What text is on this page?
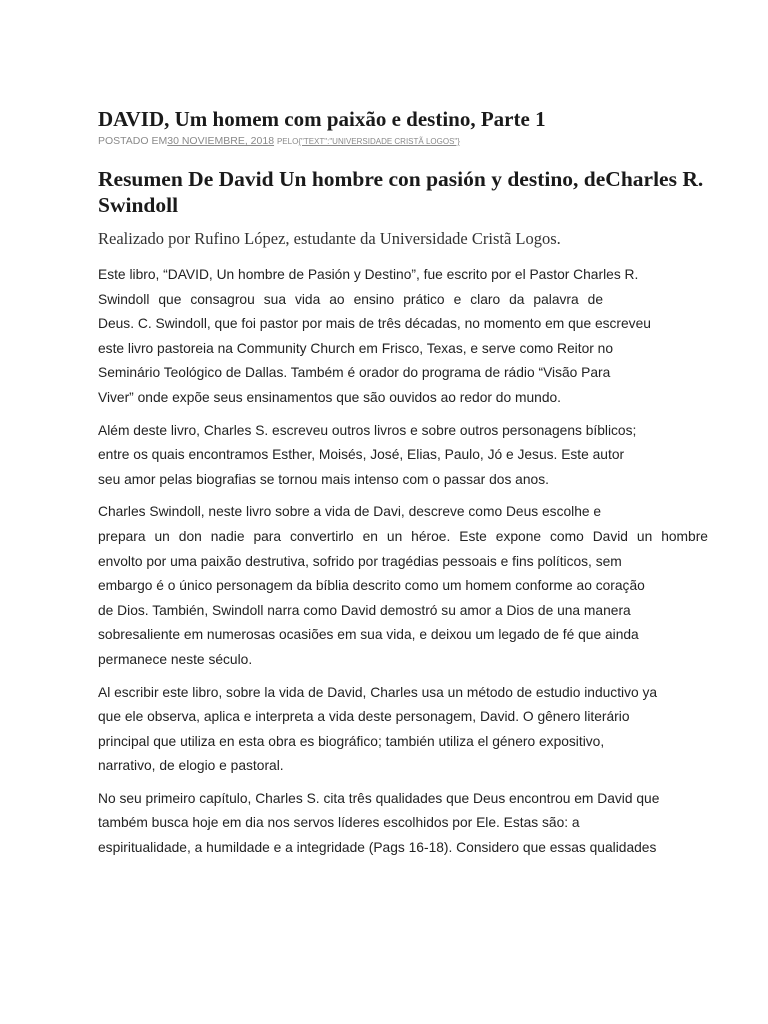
DAVID, Um homem com paixão e destino, Parte 1
POSTADO EM30 NOVIEMBRE, 2018 PELO{"TEXT":"UNIVERSIDADE CRISTÃ LOGOS"}
Resumen De David Un hombre con pasión y destino, deCharles R. Swindoll

Realizado por Rufino López, estudante da Universidade Cristã Logos.

Este libro, “DAVID, Un hombre de Pasión y Destino”, fue escrito por el Pastor Charles R.
Swindoll que consagrou sua vida ao ensino prático e claro da palavra de
Deus. C. Swindoll, que foi pastor por mais de três décadas, no momento em que escreveu
este livro pastoreia na Community Church em Frisco, Texas, e serve como Reitor no
Seminário Teológico de Dallas. Também é orador do programa de rádio “Visão Para
Viver” onde expõe seus ensinamentos que são ouvidos ao redor do mundo.
Além deste livro, Charles S. escreveu outros livros e sobre outros personagens bíblicos;
entre os quais encontramos Esther, Moisés, José, Elias, Paulo, Jó e Jesus. Este autor
seu amor pelas biografias se tornou mais intenso com o passar dos anos.
Charles Swindoll, neste livro sobre a vida de Davi, descreve como Deus escolhe e
prepara un don nadie para convertirlo en un héroe. Este expone como David un hombre
envolto por uma paixão destrutiva, sofrido por tragédias pessoais e fins políticos, sem
embargo é o único personagem da bíblia descrito como um homem conforme ao coração
de Dios. También, Swindoll narra como David demostró su amor a Dios de una manera
sobresaliente em numerosas ocasiões em sua vida, e deixou um legado de fé que ainda
permanece neste século.
Al escribir este libro, sobre la vida de David, Charles usa un método de estudio inductivo ya
que ele observa, aplica e interpreta a vida deste personagem, David. O gênero literário
principal que utiliza en esta obra es biográfico; también utiliza el género expositivo,
narrativo, de elogio e pastoral.
No seu primeiro capítulo, Charles S. cita três qualidades que Deus encontrou em David que
também busca hoje em dia nos servos líderes escolhidos por Ele. Estas são: a
espiritualidade, a humildade e a integridade (Pags 16-18). Considero que essas qualidades
